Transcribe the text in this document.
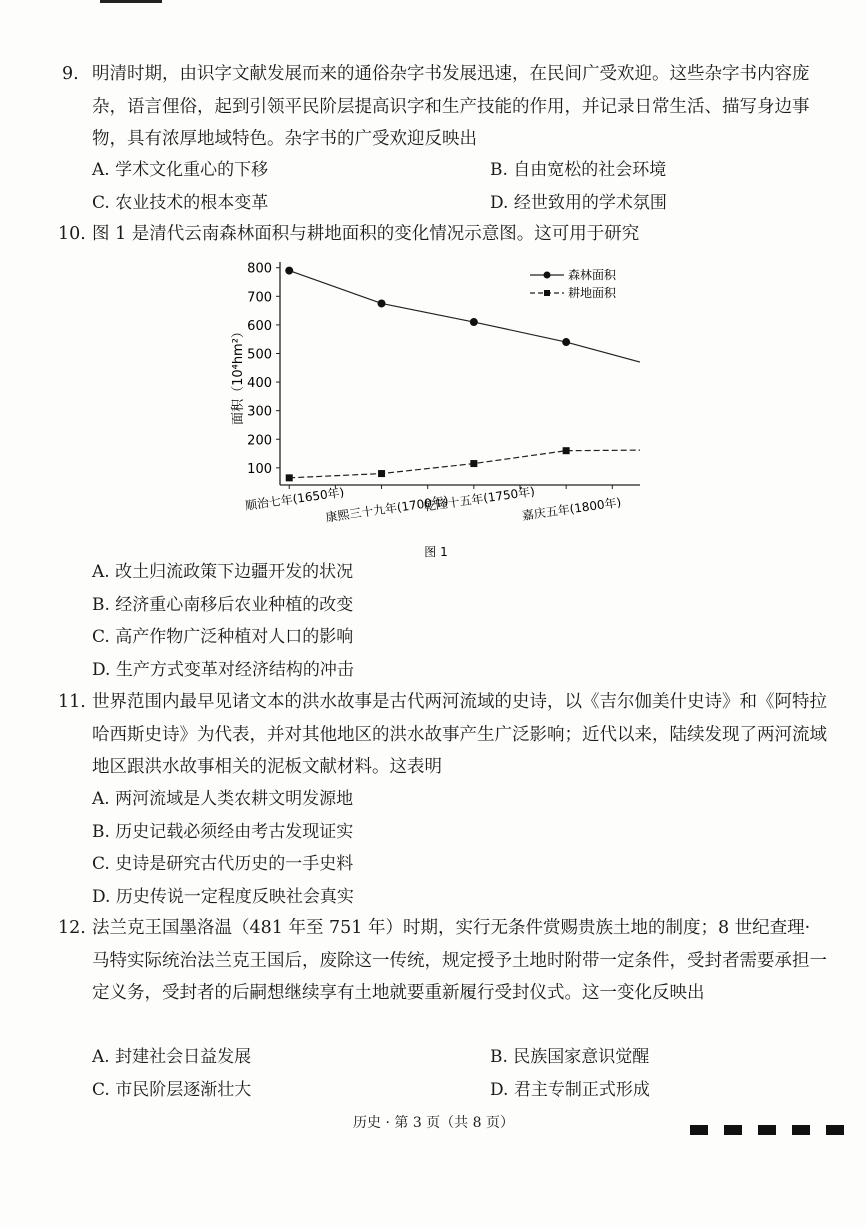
9. 明清时期，由识字文献发展而来的通俗杂字书发展迅速，在民间广受欢迎。这些杂字书内容庞杂，语言俚俗，起到引领平民阶层提高识字和生产技能的作用，并记录日常生活、描写身边事物，具有浓厚地域特色。杂字书的广受欢迎反映出
A. 学术文化重心的下移	B. 自由宽松的社会环境
C. 农业技术的根本变革	D. 经世致用的学术氛围
10. 图 1 是清代云南森林面积与耕地面积的变化情况示意图。这可用于研究
100
200
300
400
500
600
700
800
顺治七年(1650年)
康熙三十九年(1700年)
乾隆十五年(1750年)
嘉庆五年(1800年)
面积（10⁴hm²）
森林面积
耕地面积
图 1
A. 改土归流政策下边疆开发的状况
B. 经济重心南移后农业种植的改变
C. 高产作物广泛种植对人口的影响
D. 生产方式变革对经济结构的冲击
11. 世界范围内最早见诸文本的洪水故事是古代两河流域的史诗，以《吉尔伽美什史诗》和《阿特拉哈西斯史诗》为代表，并对其他地区的洪水故事产生广泛影响；近代以来，陆续发现了两河流域地区跟洪水故事相关的泥板文献材料。这表明
A. 两河流域是人类农耕文明发源地
B. 历史记载必须经由考古发现证实
C. 史诗是研究古代历史的一手史料
D. 历史传说一定程度反映社会真实
12. 法兰克王国墨洛温（481 年至 751 年）时期，实行无条件赏赐贵族土地的制度；8 世纪查理·马特实际统治法兰克王国后，废除这一传统，规定授予土地时附带一定条件，受封者需要承担一定义务，受封者的后嗣想继续享有土地就要重新履行受封仪式。这一变化反映出
A. 封建社会日益发展	B. 民族国家意识觉醒
C. 市民阶层逐渐壮大	D. 君主专制正式形成
历史 · 第 3 页（共 8 页）
